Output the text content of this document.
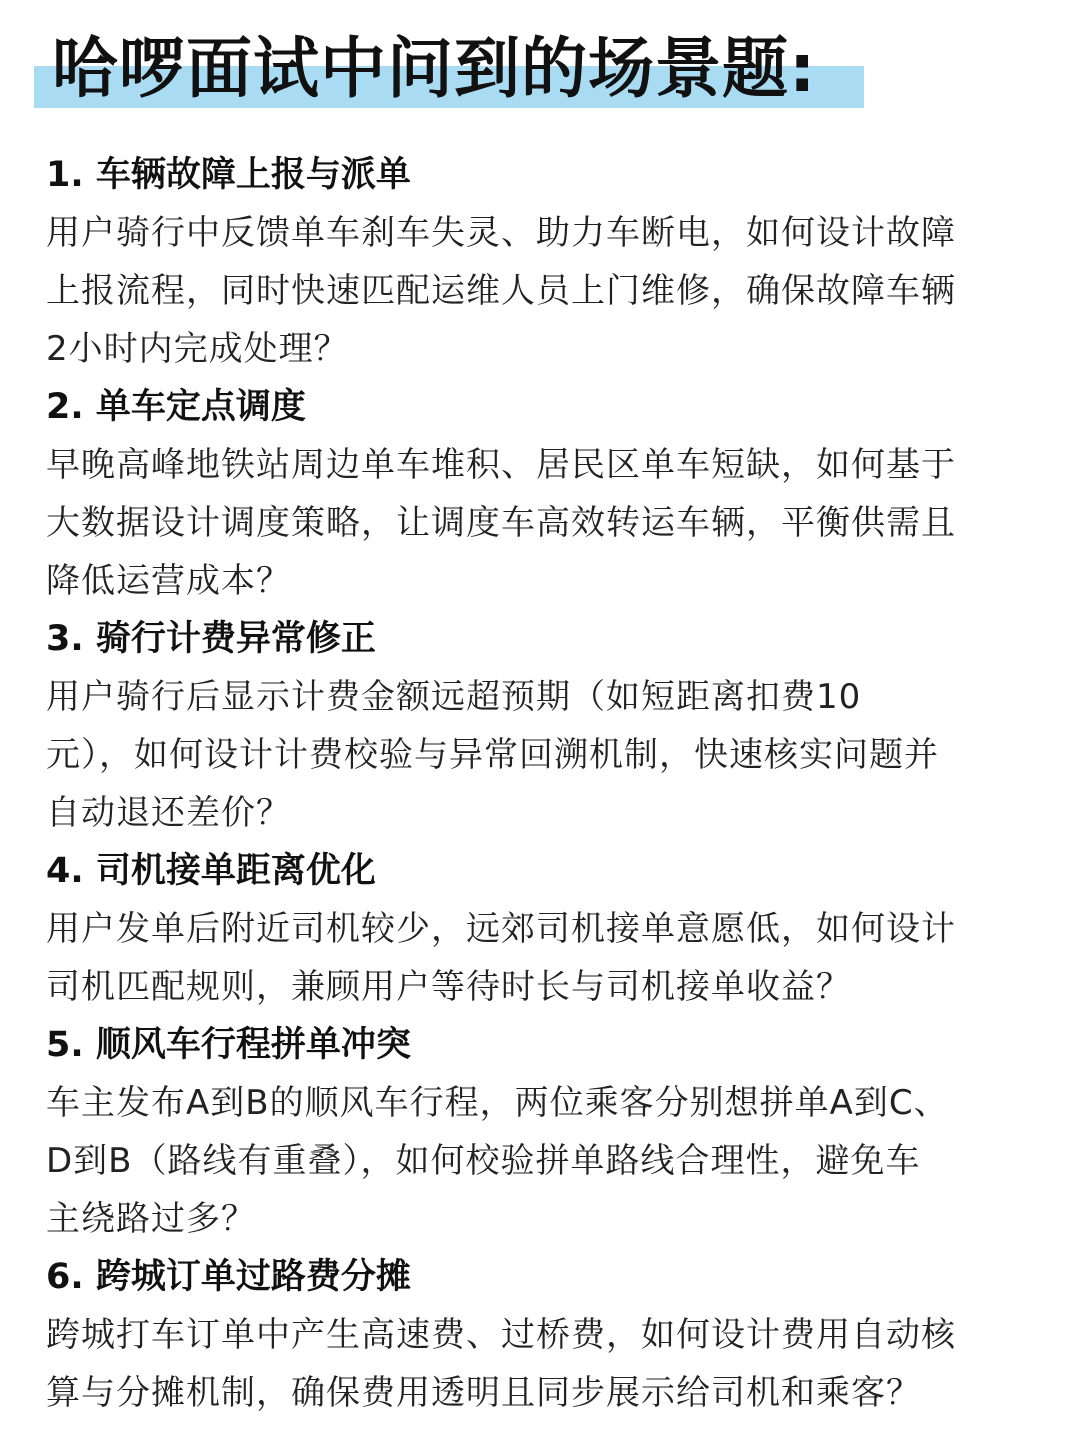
哈啰面试中问到的场景题:
1. 车辆故障上报与派单

用户骑行中反馈单车刹车失灵、助力车断电，如何设计故障
上报流程，同时快速匹配运维人员上门维修，确保故障车辆
2小时内完成处理？

2. 单车定点调度

早晚高峰地铁站周边单车堆积、居民区单车短缺，如何基于
大数据设计调度策略，让调度车高效转运车辆，平衡供需且
降低运营成本？

3. 骑行计费异常修正

用户骑行后显示计费金额远超预期（如短距离扣费10
元），如何设计计费校验与异常回溯机制，快速核实问题并
自动退还差价？

4. 司机接单距离优化

用户发单后附近司机较少，远郊司机接单意愿低，如何设计
司机匹配规则，兼顾用户等待时长与司机接单收益？

5. 顺风车行程拼单冲突

车主发布A到B的顺风车行程，两位乘客分别想拼单A到C、
D到B（路线有重叠），如何校验拼单路线合理性，避免车
主绕路过多？

6. 跨城订单过路费分摊

跨城打车订单中产生高速费、过桥费，如何设计费用自动核
算与分摊机制，确保费用透明且同步展示给司机和乘客？
